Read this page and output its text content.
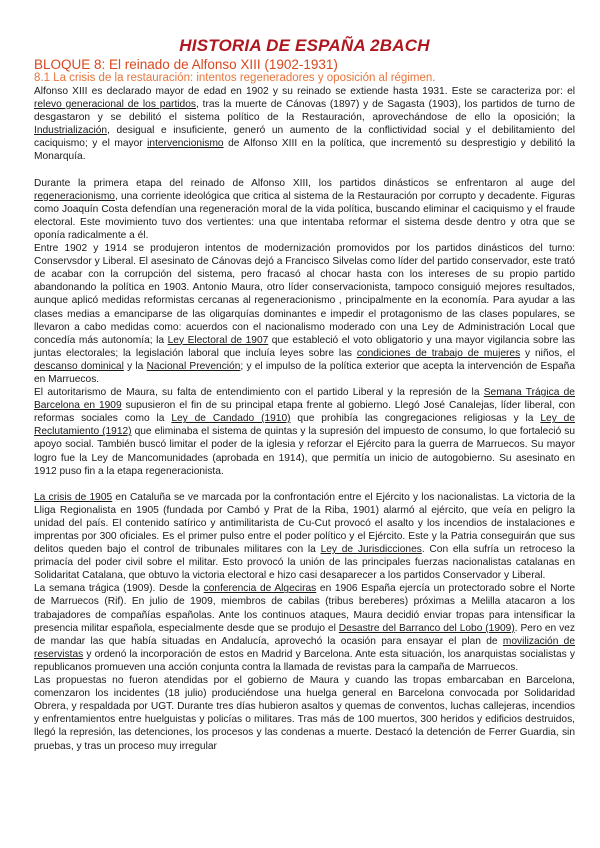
HISTORIA DE ESPAÑA 2BACH
BLOQUE 8: El reinado de Alfonso XIII (1902-1931)
8.1 La crisis de la restauración: intentos regeneradores y oposición al régimen.

Alfonso XIII es declarado mayor de edad en 1902 y su reinado se extiende hasta 1931. Este se caracteriza por: el relevo generacional de los partidos, tras la muerte de Cánovas (1897) y de Sagasta (1903), los partidos de turno de desgastaron y se debilitó el sistema político de la Restauración, aprovechándose de ello la oposición; la Industrialización, desigual e insuficiente, generó un aumento de la conflictividad social y el debilitamiento del caciquismo; y el mayor intervencionismo de Alfonso XIII en la política, que incrementó su desprestigio y debilitó la Monarquía.

Durante la primera etapa del reinado de Alfonso XIII, los partidos dinásticos se enfrentaron al auge del regeneracionismo, una corriente ideológica que critica al sistema de la Restauración por corrupto y decadente. Figuras como Joaquín Costa defendían una regeneración moral de la vida política, buscando eliminar el caciquismo y el fraude electoral. Este movimiento tuvo dos vertientes: una que intentaba reformar el sistema desde dentro y otra que se oponía radicalmente a él.

Entre 1902 y 1914 se produjeron intentos de modernización promovidos por los partidos dinásticos del turno: Conservsdor y Liberal. El asesinato de Cánovas dejó a Francisco Silvelas como líder del partido conservador, este trató de acabar con la corrupción del sistema, pero fracasó al chocar hasta con los intereses de su propio partido abandonando la política en 1903. Antonio Maura, otro líder conservacionista, tampoco consiguió mejores resultados, aunque aplicó medidas reformistas cercanas al regeneracionismo , principalmente en la economía. Para ayudar a las clases medias a emanciparse de las oligarquías dominantes e impedir el protagonismo de las clases populares, se llevaron a cabo medidas como: acuerdos con el nacionalismo moderado con una Ley de Administración Local que concedía más autonomía; la Ley Electoral de 1907 que estableció el voto obligatorio y una mayor vigilancia sobre las juntas electorales; la legislación laboral que incluía leyes sobre las condiciones de trabajo de mujeres y niños, el descanso dominical y la Nacional Prevención; y el impulso de la política exterior que acepta la intervención de España en Marruecos.

El autoritarismo de Maura, su falta de entendimiento con el partido Liberal y la represión de la Semana Trágica de Barcelona en 1909 supusieron el fin de su principal etapa frente al gobierno. Llegó José Canalejas, líder liberal, con reformas sociales como la Ley de Candado (1910) que prohibía las congregaciones religiosas y la Ley de Reclutamiento (1912) que eliminaba el sistema de quintas y la supresión del impuesto de consumo, lo que fortaleció su apoyo social. También buscó limitar el poder de la iglesia y reforzar el Ejército para la guerra de Marruecos. Su mayor logro fue la Ley de Mancomunidades (aprobada en 1914), que permitía un inicio de autogobierno. Su asesinato en 1912 puso fin a la etapa regeneracionista.

La crisis de 1905 en Cataluña se ve marcada por la confrontación entre el Ejército y los nacionalistas. La victoria de la Lliga Regionalista en 1905 (fundada por Cambó y Prat de la Riba, 1901) alarmó al ejército, que veía en peligro la unidad del país. El contenido satírico y antimilitarista de Cu-Cut provocó el asalto y los incendios de instalaciones e imprentas por 300 oficiales. Es el primer pulso entre el poder político y el Ejército. Este y la Patria conseguirán que sus delitos queden bajo el control de tribunales militares con la Ley de Jurisdicciones. Con ella sufría un retroceso la primacía del poder civil sobre el militar. Esto provocó la unión de las principales fuerzas nacionalistas catalanas en Solidaritat Catalana, que obtuvo la victoria electoral e hizo casi desaparecer a los partidos Conservador y Liberal.

La semana trágica (1909). Desde la conferencia de Algeciras en 1906 España ejercía un protectorado sobre el Norte de Marruecos (Rif). En julio de 1909, miembros de cabilas (tribus bereberes) próximas a Melilla atacaron a los trabajadores de compañías españolas. Ante los continuos ataques, Maura decidió enviar tropas para intensificar la presencia militar española, especialmente desde que se produjo el Desastre del Barranco del Lobo (1909). Pero en vez de mandar las que había situadas en Andalucía, aprovechó la ocasión para ensayar el plan de movilización de reservistas y ordenó la incorporación de estos en Madrid y Barcelona. Ante esta situación, los anarquistas socialistas y republicanos promueven una acción conjunta contra la llamada de revistas para la campaña de Marruecos.

Las propuestas no fueron atendidas por el gobierno de Maura y cuando las tropas embarcaban en Barcelona, comenzaron los incidentes (18 julio) produciéndose una huelga general en Barcelona convocada por Solidaridad Obrera, y respaldada por UGT. Durante tres días hubieron asaltos y quemas de conventos, luchas callejeras, incendios y enfrentamientos entre huelguistas y policías o militares. Tras más de 100 muertos, 300 heridos y edificios destruidos, llegó la represión, las detenciones, los procesos y las condenas a muerte. Destacó la detención de Ferrer Guardia, sin pruebas, y tras un proceso muy irregular
